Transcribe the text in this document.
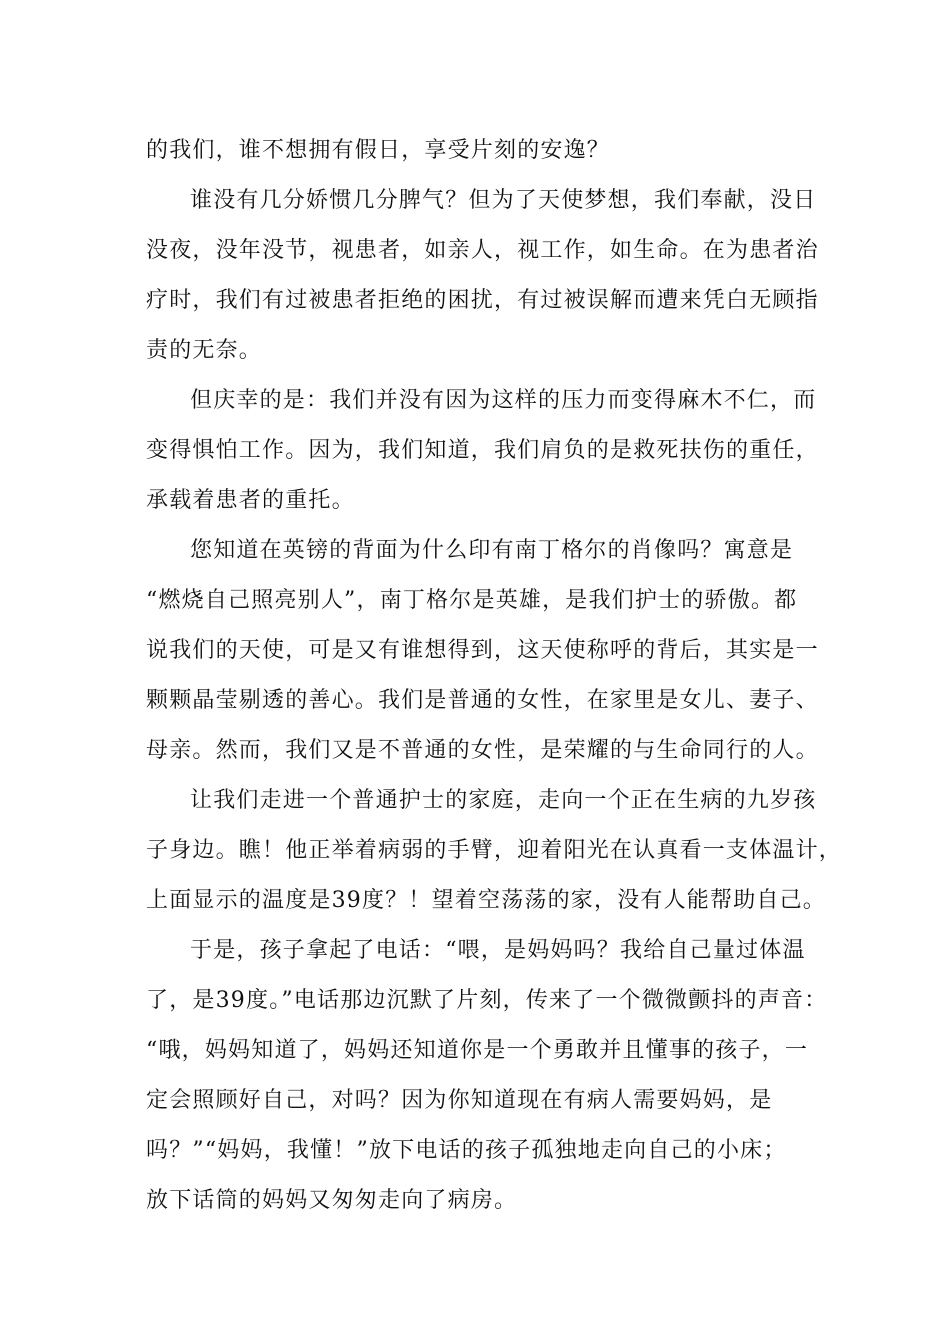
的我们，谁不想拥有假日，享受片刻的安逸？
谁没有几分娇惯几分脾气？但为了天使梦想，我们奉献，没日
没夜，没年没节，视患者，如亲人，视工作，如生命。在为患者治
疗时，我们有过被患者拒绝的困扰，有过被误解而遭来凭白无顾指
责的无奈。
但庆幸的是：我们并没有因为这样的压力而变得麻木不仁，而
变得惧怕工作。因为，我们知道，我们肩负的是救死扶伤的重任，
承载着患者的重托。
您知道在英镑的背面为什么印有南丁格尔的肖像吗？寓意是
“燃烧自己照亮别人”，南丁格尔是英雄，是我们护士的骄傲。都
说我们的天使，可是又有谁想得到，这天使称呼的背后，其实是一
颗颗晶莹剔透的善心。我们是普通的女性，在家里是女儿、妻子、
母亲。然而，我们又是不普通的女性，是荣耀的与生命同行的人。
让我们走进一个普通护士的家庭，走向一个正在生病的九岁孩
子身边。瞧！他正举着病弱的手臂，迎着阳光在认真看一支体温计，
上面显示的温度是39度？！望着空荡荡的家，没有人能帮助自己。
于是，孩子拿起了电话：“喂，是妈妈吗？我给自己量过体温
了，是39度。”电话那边沉默了片刻，传来了一个微微颤抖的声音：
“哦，妈妈知道了，妈妈还知道你是一个勇敢并且懂事的孩子，一
定会照顾好自己，对吗？因为你知道现在有病人需要妈妈，是
吗？”“妈妈，我懂！”放下电话的孩子孤独地走向自己的小床；
放下话筒的妈妈又匆匆走向了病房。
